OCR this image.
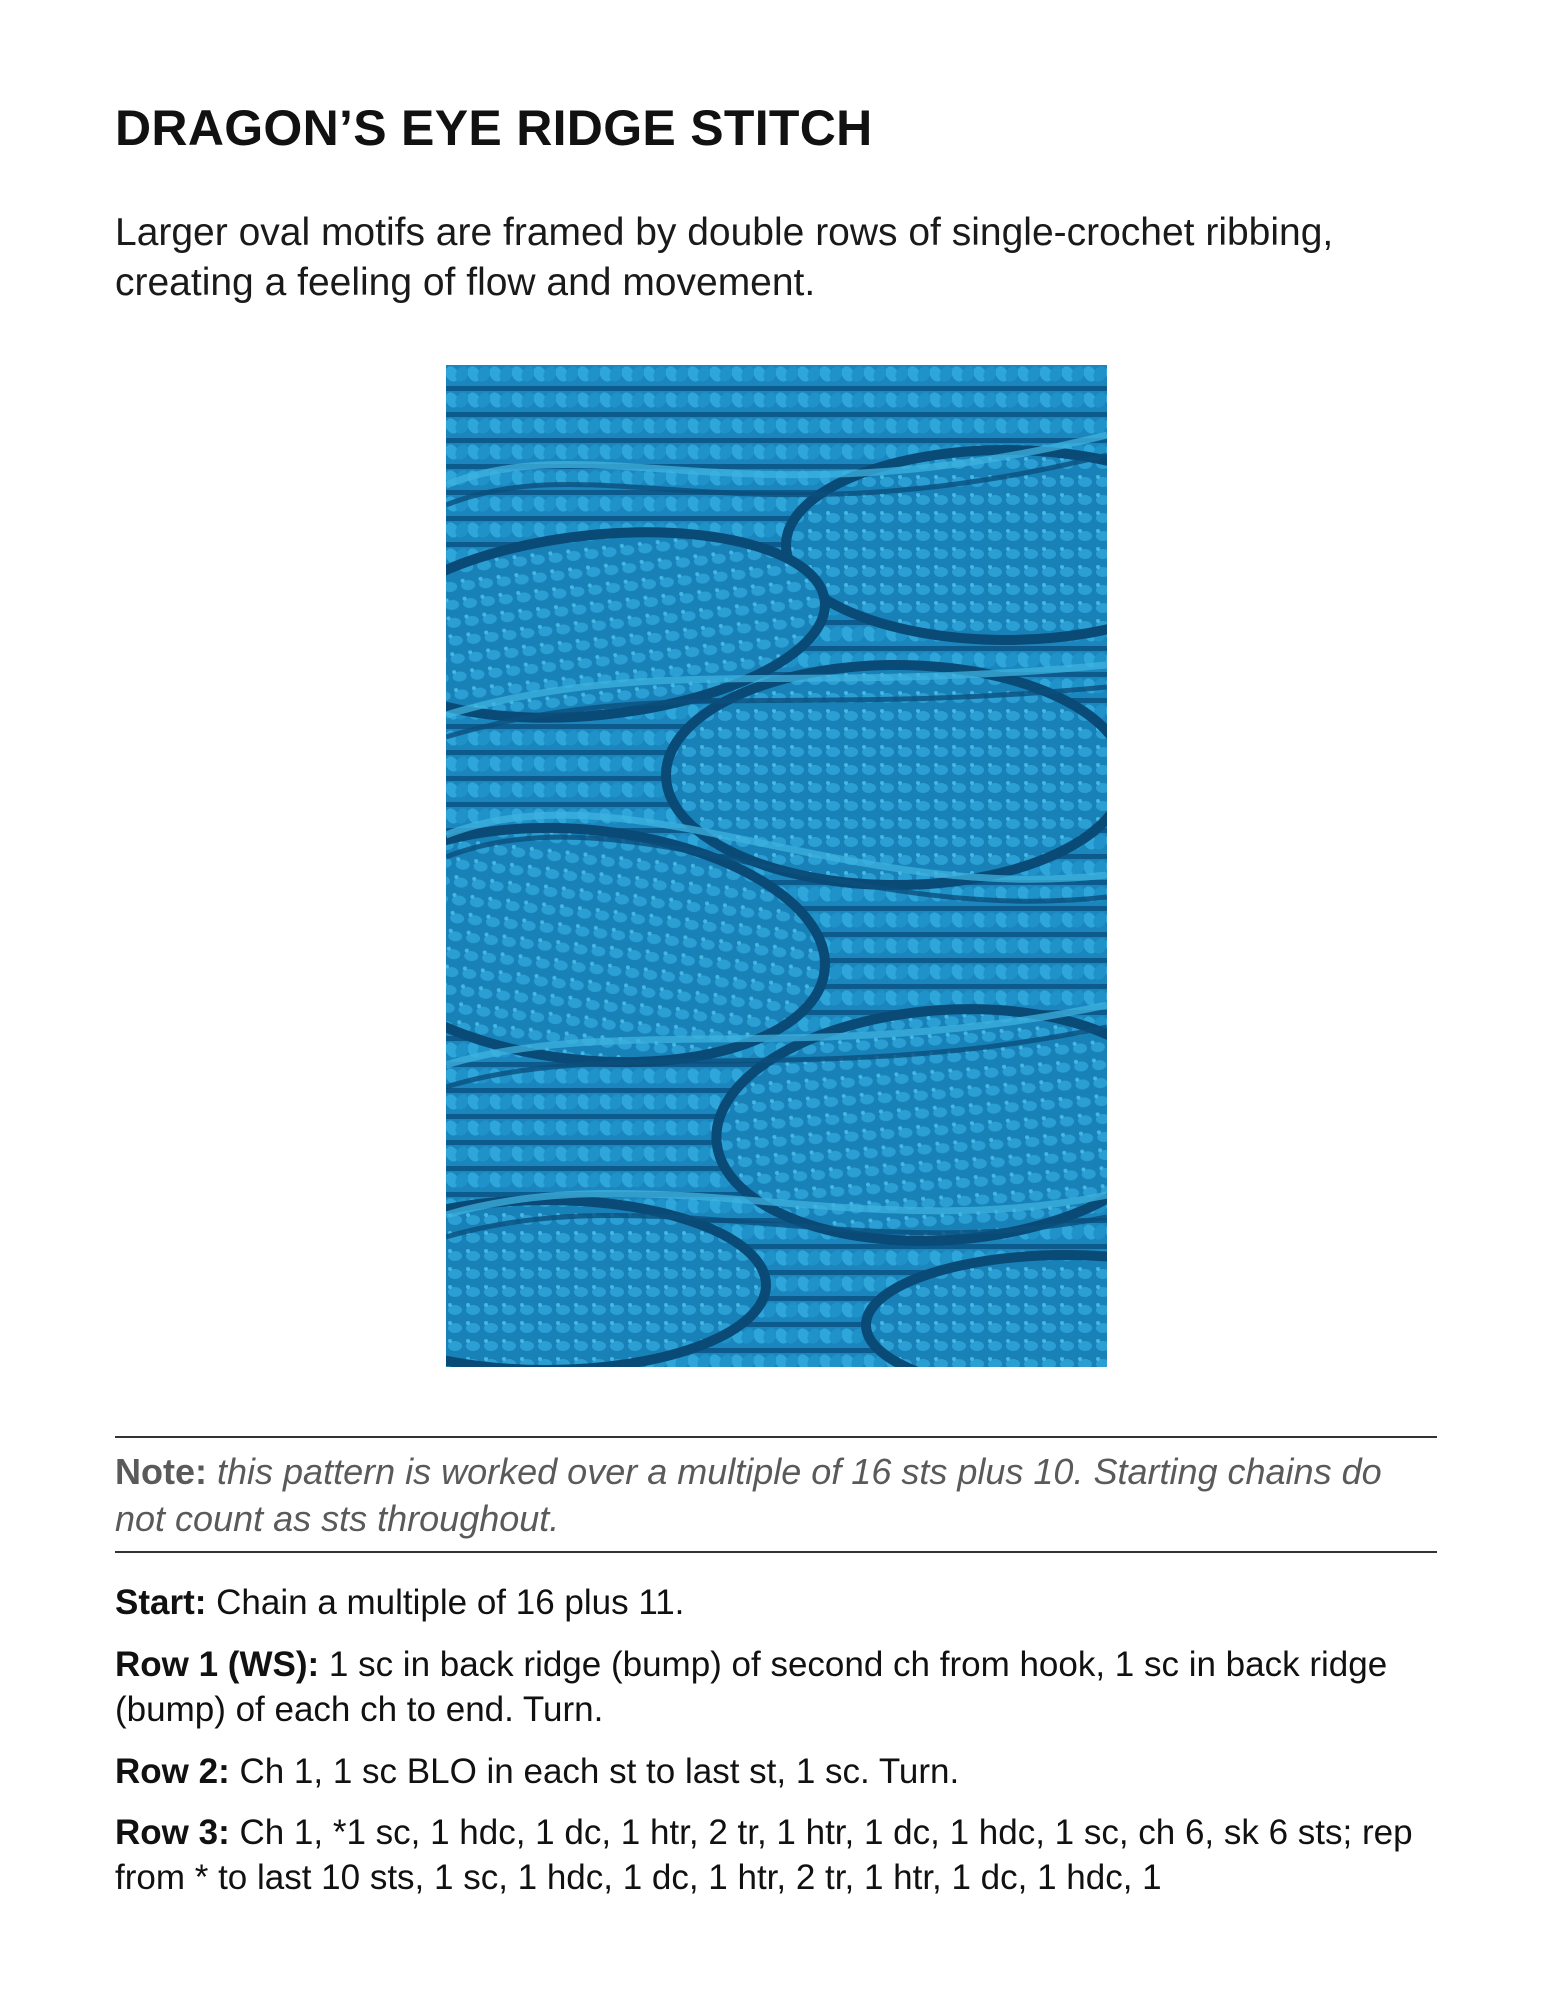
DRAGON’S EYE RIDGE STITCH

Larger oval motifs are framed by double rows of single-crochet ribbing, creating a feeling of flow and movement.

Note: this pattern is worked over a multiple of 16 sts plus 10. Starting chains do not count as sts throughout.

Start: Chain a multiple of 16 plus 11.

Row 1 (WS): 1 sc in back ridge (bump) of second ch from hook, 1 sc in back ridge (bump) of each ch to end. Turn.

Row 2: Ch 1, 1 sc BLO in each st to last st, 1 sc. Turn.

Row 3: Ch 1, *1 sc, 1 hdc, 1 dc, 1 htr, 2 tr, 1 htr, 1 dc, 1 hdc, 1 sc, ch 6, sk 6 sts; rep from * to last 10 sts, 1 sc, 1 hdc, 1 dc, 1 htr, 2 tr, 1 htr, 1 dc, 1 hdc, 1
